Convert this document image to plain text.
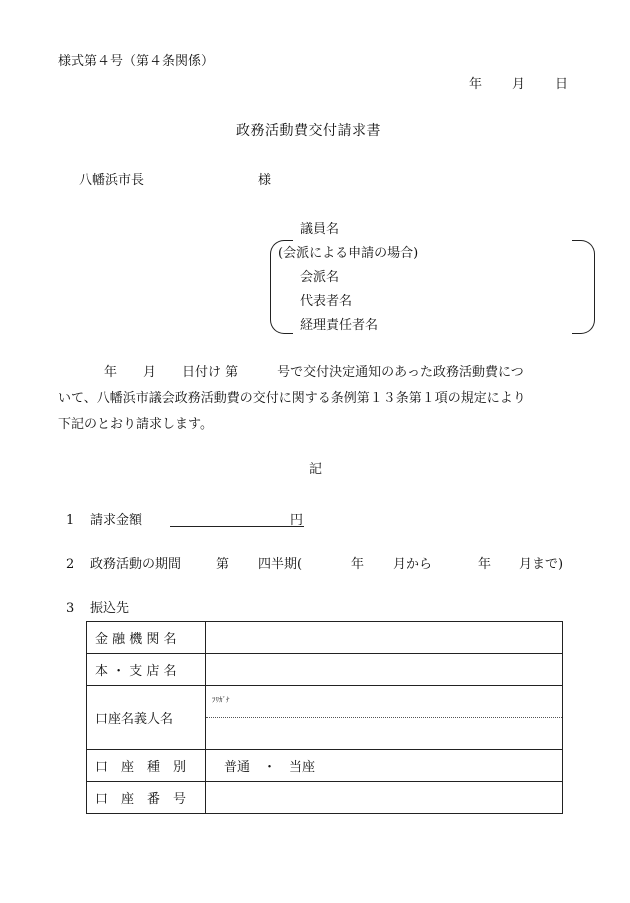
様式第４号（第４条関係）
年 月 日
政務活動費交付請求書
八幡浜市長	様
議員名
(会派による申請の場合)
会派名
代表者名
経理責任者名
年　　月　　日付け 第　　　号で交付決定通知のあった政務活動費につ
いて、八幡浜市議会政務活動費の交付に関する条例第１３条第１項の規定により
下記のとおり請求します。
記
1 請求金額	円
2 政務活動の期間	第 四半期(	年 月から	年 月まで)
3 振込先
金 融 機 関 名	
本 ・ 支 店 名	
口座名義人名	ﾌﾘｶﾞﾅ

口　座　種　別	普通　・　当座
口　座　番　号	
